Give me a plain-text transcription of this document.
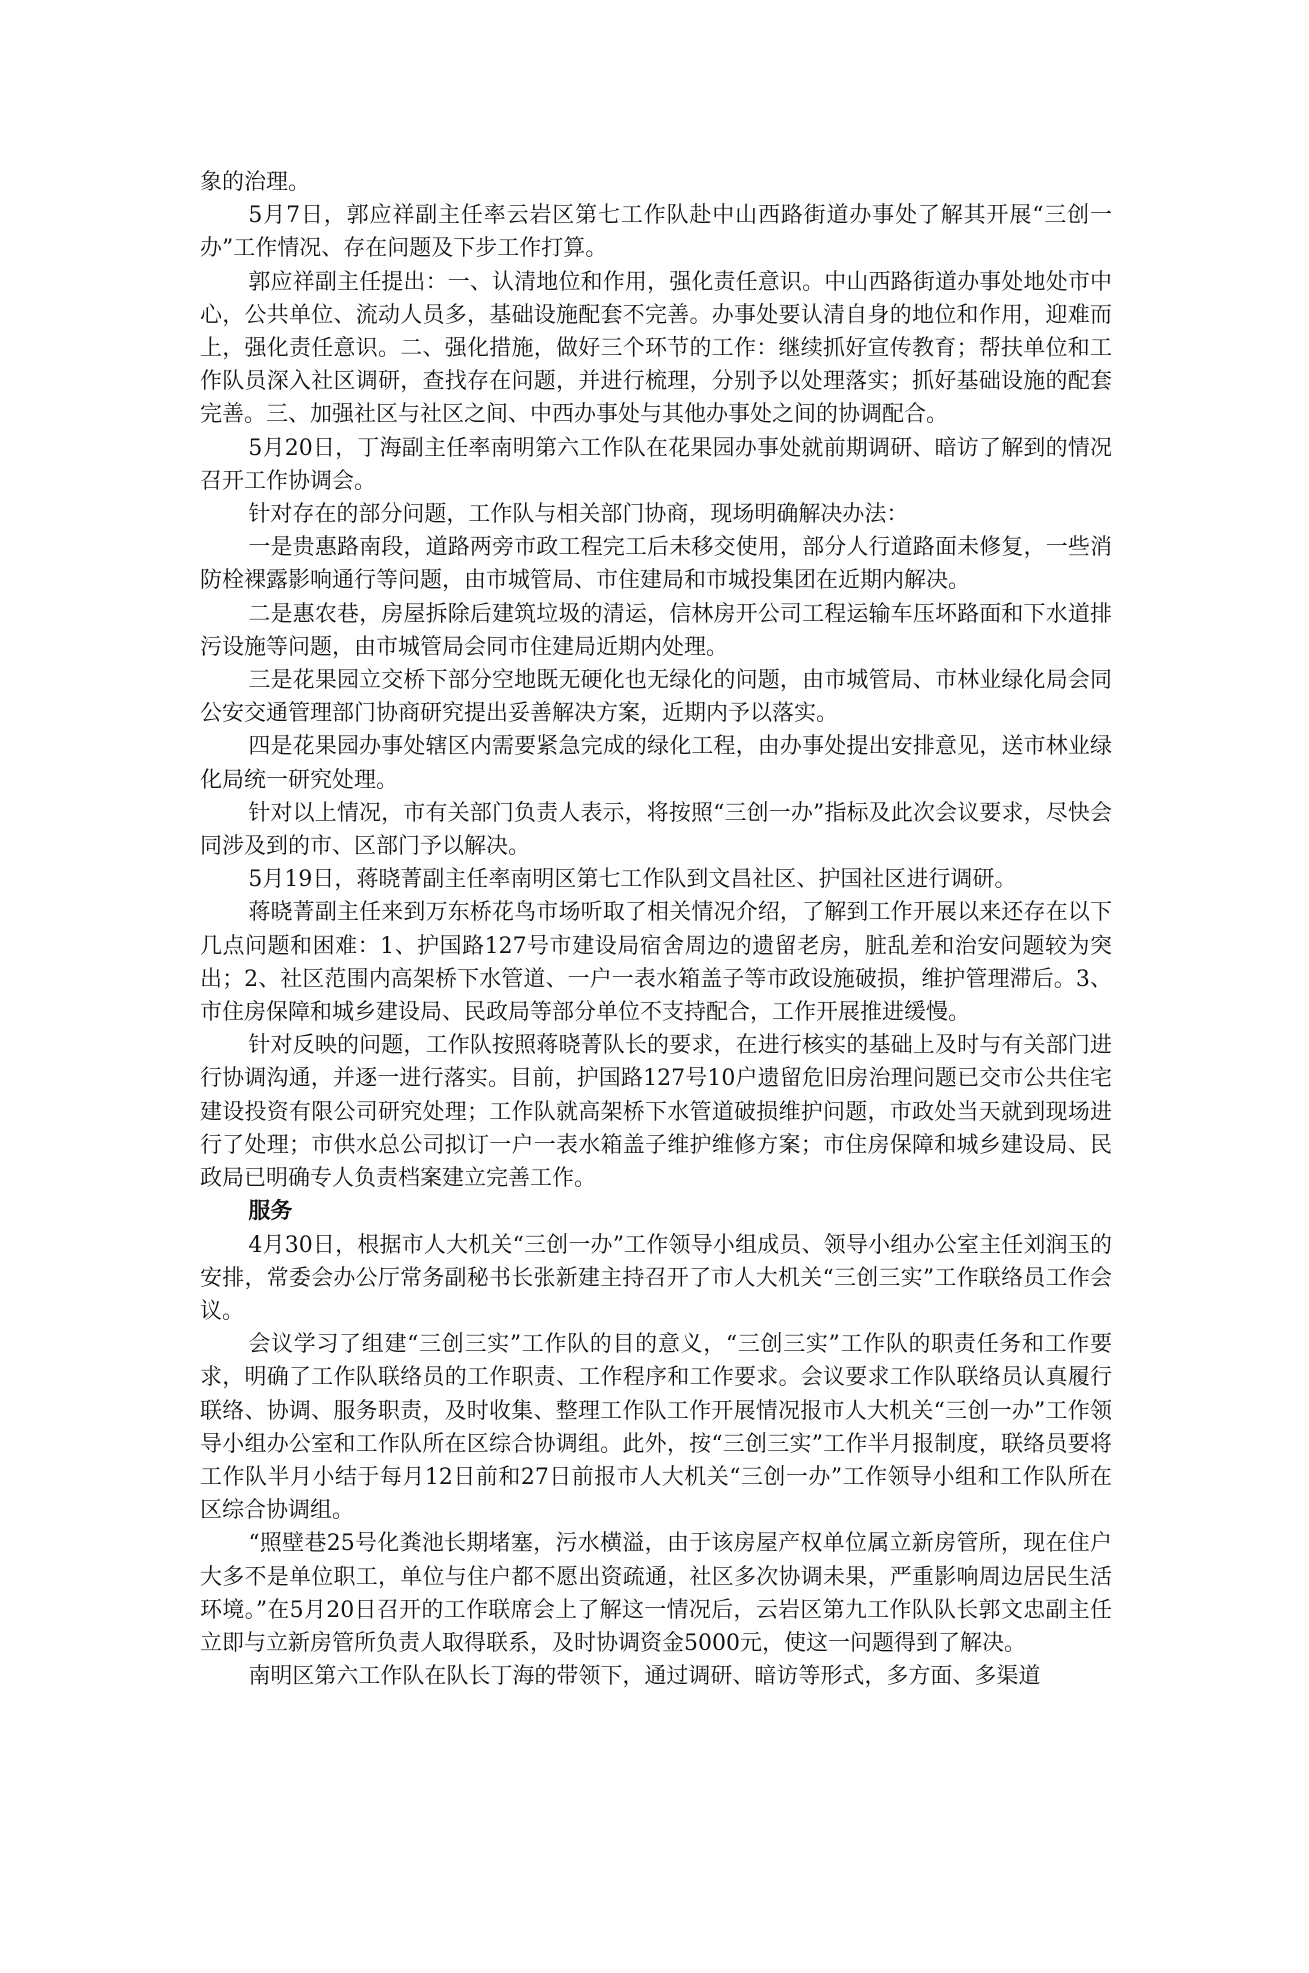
象的治理。

5月7日，郭应祥副主任率云岩区第七工作队赴中山西路街道办事处了解其开展“三创一办”工作情况、存在问题及下步工作打算。

郭应祥副主任提出：一、认清地位和作用，强化责任意识。中山西路街道办事处地处市中心，公共单位、流动人员多，基础设施配套不完善。办事处要认清自身的地位和作用，迎难而上，强化责任意识。二、强化措施，做好三个环节的工作：继续抓好宣传教育；帮扶单位和工作队员深入社区调研，查找存在问题，并进行梳理，分别予以处理落实；抓好基础设施的配套完善。三、加强社区与社区之间、中西办事处与其他办事处之间的协调配合。

5月20日，丁海副主任率南明第六工作队在花果园办事处就前期调研、暗访了解到的情况召开工作协调会。

针对存在的部分问题，工作队与相关部门协商，现场明确解决办法：

一是贵惠路南段，道路两旁市政工程完工后未移交使用，部分人行道路面未修复，一些消防栓裸露影响通行等问题，由市城管局、市住建局和市城投集团在近期内解决。

二是惠农巷，房屋拆除后建筑垃圾的清运，信林房开公司工程运输车压坏路面和下水道排污设施等问题，由市城管局会同市住建局近期内处理。

三是花果园立交桥下部分空地既无硬化也无绿化的问题，由市城管局、市林业绿化局会同公安交通管理部门协商研究提出妥善解决方案，近期内予以落实。

四是花果园办事处辖区内需要紧急完成的绿化工程，由办事处提出安排意见，送市林业绿化局统一研究处理。

针对以上情况，市有关部门负责人表示，将按照“三创一办”指标及此次会议要求，尽快会同涉及到的市、区部门予以解决。

5月19日，蒋晓菁副主任率南明区第七工作队到文昌社区、护国社区进行调研。

蒋晓菁副主任来到万东桥花鸟市场听取了相关情况介绍，了解到工作开展以来还存在以下几点问题和困难：1、护国路127号市建设局宿舍周边的遗留老房，脏乱差和治安问题较为突出；2、社区范围内高架桥下水管道、一户一表水箱盖子等市政设施破损，维护管理滞后。3、市住房保障和城乡建设局、民政局等部分单位不支持配合，工作开展推进缓慢。

针对反映的问题，工作队按照蒋晓菁队长的要求，在进行核实的基础上及时与有关部门进行协调沟通，并逐一进行落实。目前，护国路127号10户遗留危旧房治理问题已交市公共住宅建设投资有限公司研究处理；工作队就高架桥下水管道破损维护问题，市政处当天就到现场进行了处理；市供水总公司拟订一户一表水箱盖子维护维修方案；市住房保障和城乡建设局、民政局已明确专人负责档案建立完善工作。

服务

4月30日，根据市人大机关“三创一办”工作领导小组成员、领导小组办公室主任刘润玉的安排，常委会办公厅常务副秘书长张新建主持召开了市人大机关“三创三实”工作联络员工作会议。

会议学习了组建“三创三实”工作队的目的意义，“三创三实”工作队的职责任务和工作要求，明确了工作队联络员的工作职责、工作程序和工作要求。会议要求工作队联络员认真履行联络、协调、服务职责，及时收集、整理工作队工作开展情况报市人大机关“三创一办”工作领导小组办公室和工作队所在区综合协调组。此外，按“三创三实”工作半月报制度，联络员要将工作队半月小结于每月12日前和27日前报市人大机关“三创一办”工作领导小组和工作队所在区综合协调组。

“照壁巷25号化粪池长期堵塞，污水横溢，由于该房屋产权单位属立新房管所，现在住户大多不是单位职工，单位与住户都不愿出资疏通，社区多次协调未果，严重影响周边居民生活环境。”在5月20日召开的工作联席会上了解这一情况后，云岩区第九工作队队长郭文忠副主任立即与立新房管所负责人取得联系，及时协调资金5000元，使这一问题得到了解决。

南明区第六工作队在队长丁海的带领下，通过调研、暗访等形式，多方面、多渠道
